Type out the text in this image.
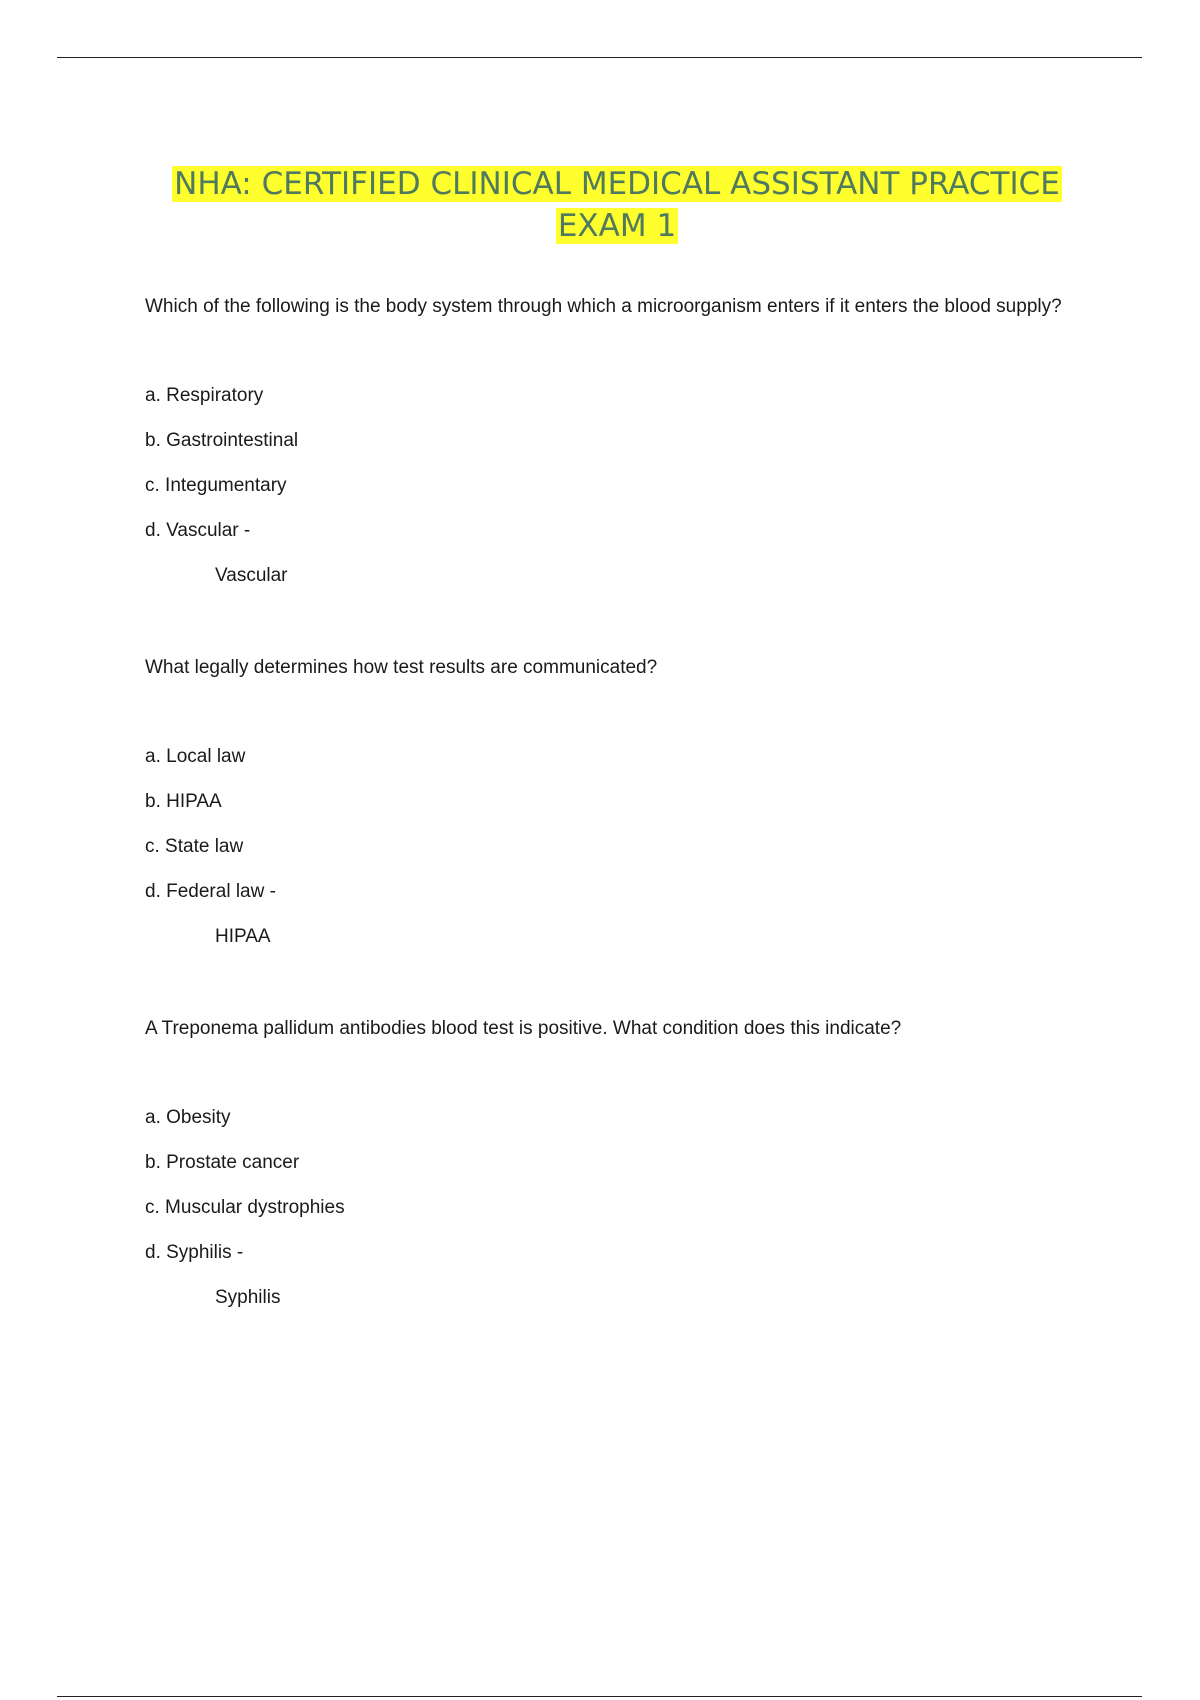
NHA: CERTIFIED CLINICAL MEDICAL ASSISTANT PRACTICE
EXAM 1

Which of the following is the body system through which a microorganism enters if it enters the blood supply?

a. Respiratory

b. Gastrointestinal

c. Integumentary

d. Vascular -

Vascular

What legally determines how test results are communicated?

a. Local law

b. HIPAA

c. State law

d. Federal law -

HIPAA

A Treponema pallidum antibodies blood test is positive. What condition does this indicate?

a. Obesity

b. Prostate cancer

c. Muscular dystrophies

d. Syphilis -

Syphilis
